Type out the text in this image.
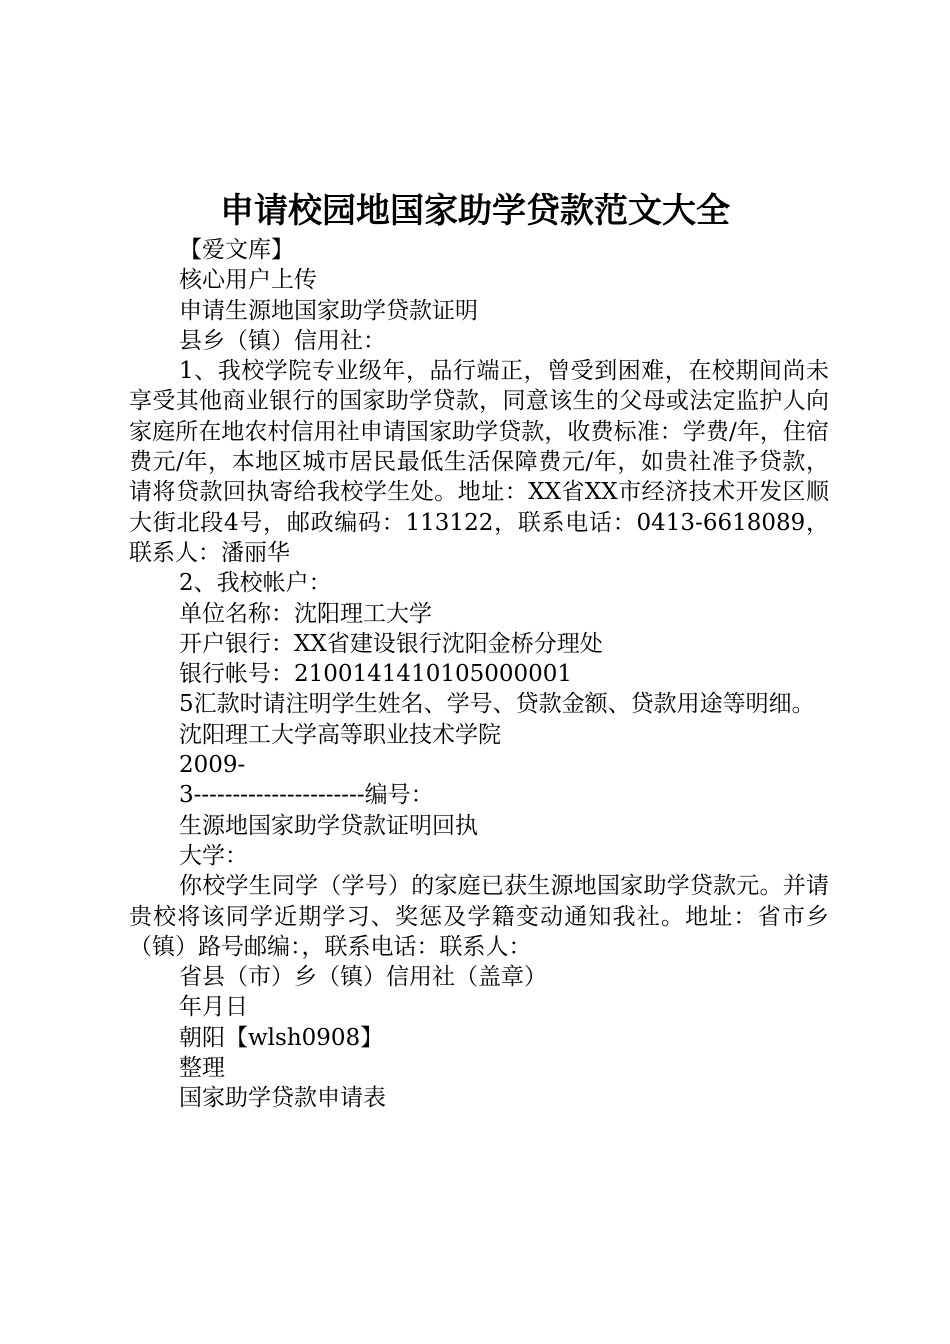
申请校园地国家助学贷款范文大全

【爱文库】

核心用户上传

申请生源地国家助学贷款证明

县乡（镇）信用社：

1、我校学院专业级年，品行端正，曾受到困难，在校期间尚未享受其他商业银行的国家助学贷款，同意该生的父母或法定监护人向家庭所在地农村信用社申请国家助学贷款，收费标准：学费/年，住宿费元/年，本地区城市居民最低生活保障费元/年，如贵社准予贷款，请将贷款回执寄给我校学生处。地址：XX省XX市经济技术开发区顺大街北段4号，邮政编码：113122，联系电话：0413-6618089，联系人：潘丽华

2、我校帐户：

单位名称：沈阳理工大学

开户银行：XX省建设银行沈阳金桥分理处

银行帐号：2100141410105000001

5汇款时请注明学生姓名、学号、贷款金额、贷款用途等明细。

沈阳理工大学高等职业技术学院

2009-

3----------------------编号：

生源地国家助学贷款证明回执

大学：

你校学生同学（学号）的家庭已获生源地国家助学贷款元。并请贵校将该同学近期学习、奖惩及学籍变动通知我社。地址：省市乡（镇）路号邮编：，联系电话：联系人：

省县（市）乡（镇）信用社（盖章）

年月日

朝阳【wlsh0908】

整理

国家助学贷款申请表
